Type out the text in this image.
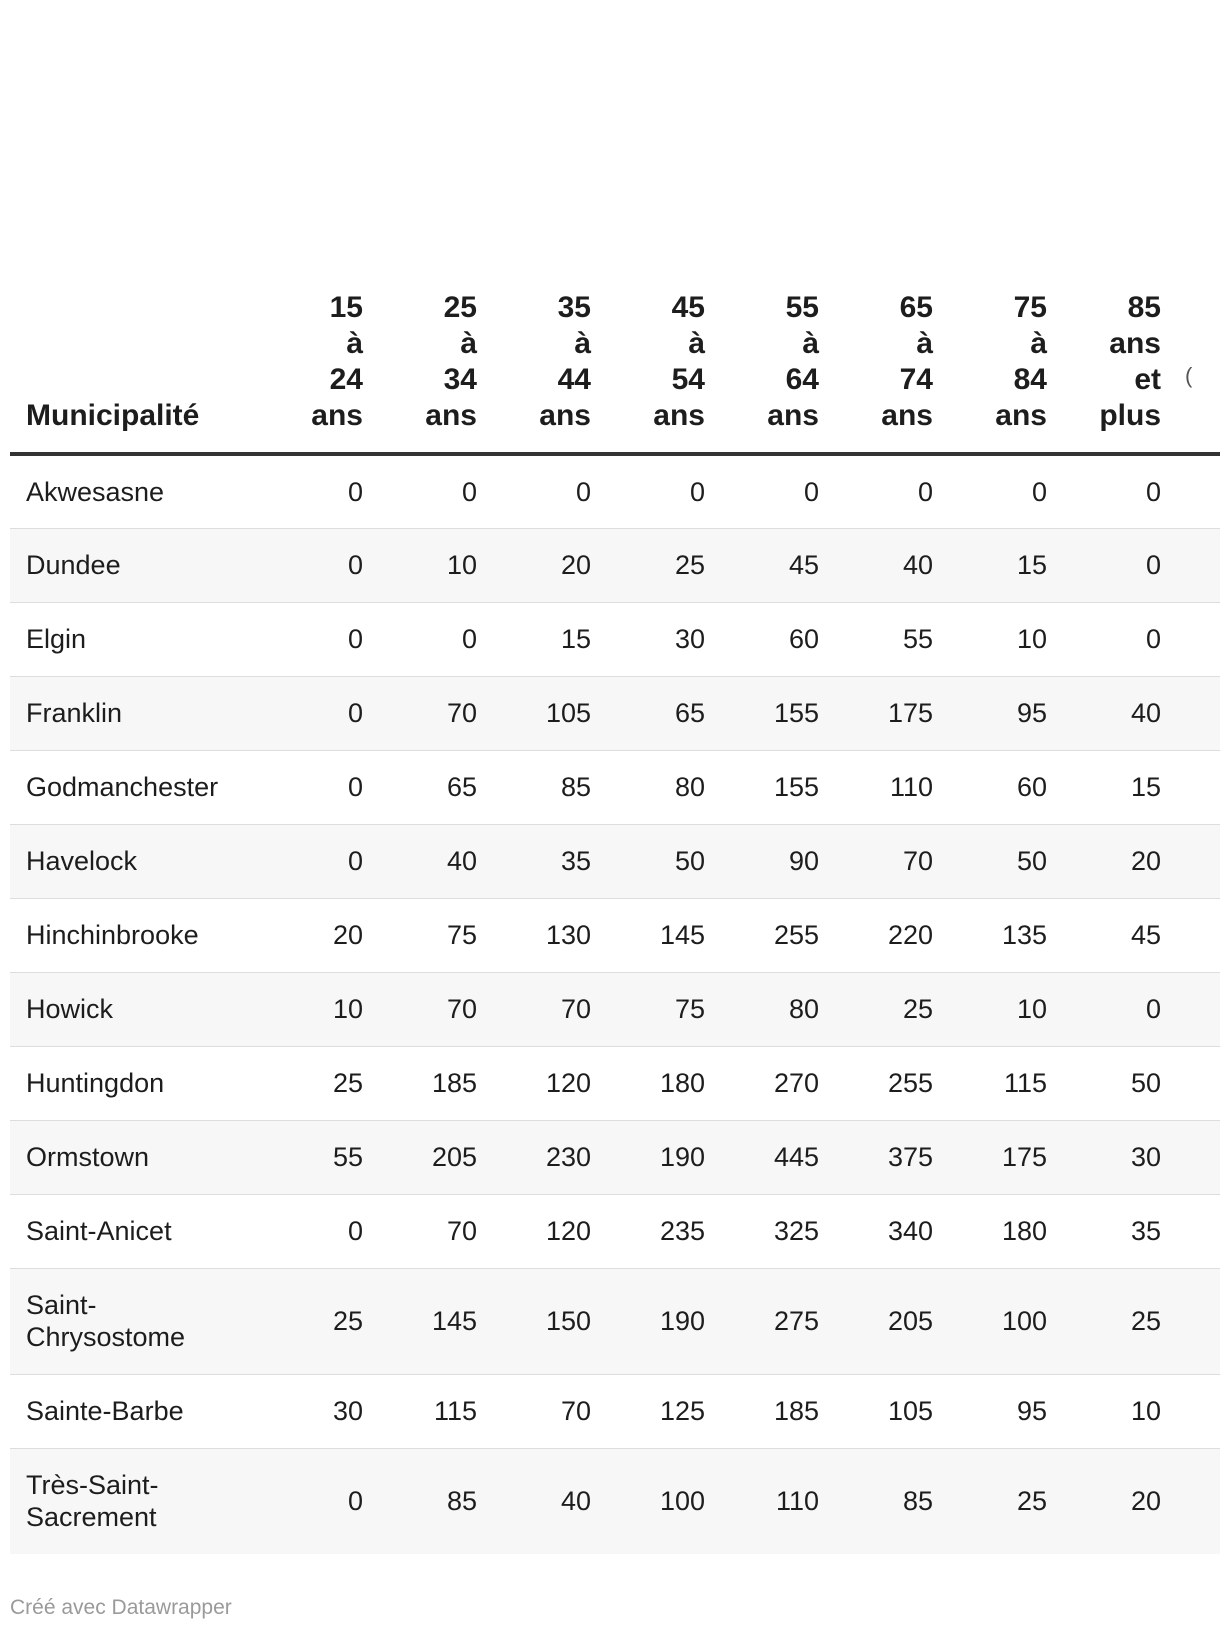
Municipalité	15
à
24
ans	25
à
34
ans	35
à
44
ans	45
à
54
ans	55
à
64
ans	65
à
74
ans	75
à
84
ans	85
ans
et
plus	(

Akwesasne	0	0	0	0	0	0	0	0	
Dundee	0	10	20	25	45	40	15	0	
Elgin	0	0	15	30	60	55	10	0	
Franklin	0	70	105	65	155	175	95	40	
Godmanchester	0	65	85	80	155	110	60	15	
Havelock	0	40	35	50	90	70	50	20	
Hinchinbrooke	20	75	130	145	255	220	135	45	
Howick	10	70	70	75	80	25	10	0	
Huntingdon	25	185	120	180	270	255	115	50	
Ormstown	55	205	230	190	445	375	175	30	
Saint-Anicet	0	70	120	235	325	340	180	35	
Saint-Chrysostome	25	145	150	190	275	205	100	25	
Sainte-Barbe	30	115	70	125	185	105	95	10	
Très-Saint-Sacrement	0	85	40	100	110	85	25	20	
Créé avec Datawrapper
